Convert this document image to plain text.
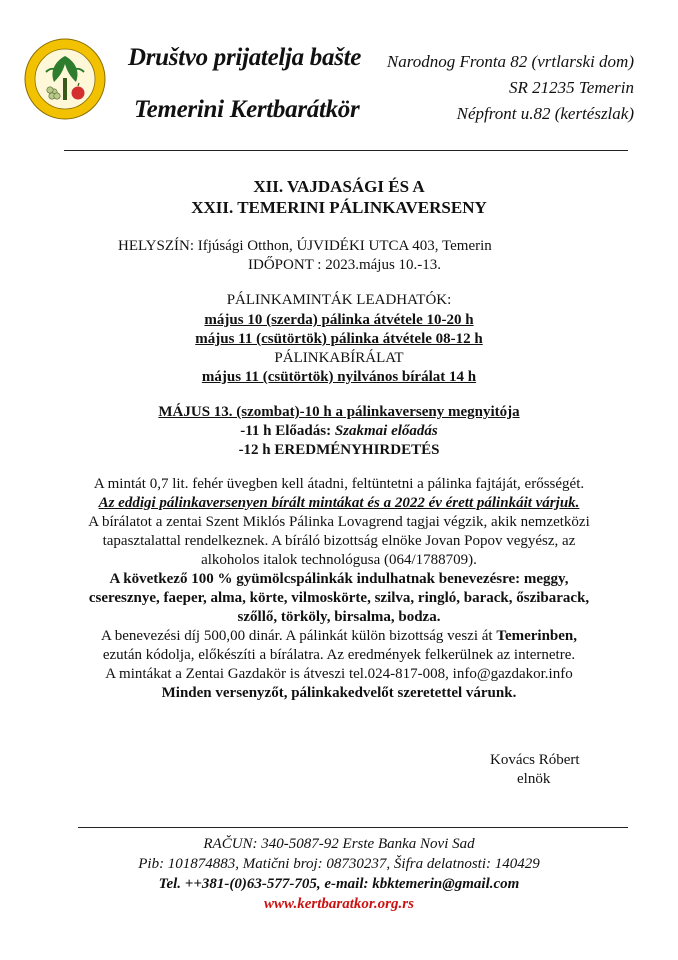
Društvo prijatelja bašte
Temerini Kertbarátkör
Narodnog Fronta 82 (vrtlarski dom)
SR 21235 Temerin
Népfront u.82 (kertészlak)
XII. VAJDASÁGI ÉS A
XXII. TEMERINI PÁLINKAVERSENY
HELYSZÍN: Ifjúsági Otthon, ÚJVIDÉKI UTCA 403, Temerin
IDŐPONT : 2023.május 10.-13.
PÁLINKAMINTÁK LEADHATÓK:
május 10 (szerda) pálinka átvétele 10-20 h
május 11 (csütörtök) pálinka átvétele 08-12 h
PÁLINKABÍRÁLAT
május 11 (csütörtök) nyilvános bírálat 14 h
MÁJUS 13. (szombat)-10 h a pálinkaverseny megnyitója
-11 h Előadás: Szakmai előadás
-12 h EREDMÉNYHIRDETÉS
A mintát 0,7 lit. fehér üvegben kell átadni, feltüntetni a pálinka fajtáját, erősségét.
Az eddigi pálinkaversenyen bírált mintákat és a 2022 év érett pálinkáit várjuk.
A bírálatot a zentai Szent Miklós Pálinka Lovagrend tagjai végzik, akik nemzetközi
tapasztalattal rendelkeznek. A bíráló bizottság elnöke Jovan Popov vegyész, az
alkoholos italok technológusa (064/1788709).
A következő 100 % gyümölcspálinkák indulhatnak benevezésre: meggy,
cseresznye, faeper, alma, körte, vilmoskörte, szilva, ringló, barack, őszibarack,
szőllő, törköly, birsalma, bodza.
A benevezési díj 500,00 dinár. A pálinkát külön bizottság veszi át Temerinben,
ezután kódolja, előkészíti a bírálatra. Az eredmények felkerülnek az internetre.
A mintákat a Zentai Gazdakör is átveszi tel.024-817-008, info@gazdakor.info
Minden versenyzőt, pálinkakedvelőt szeretettel várunk.
Kovács Róbert
elnök
RAČUN: 340-5087-92 Erste Banka Novi Sad
Pib: 101874883, Matični broj: 08730237, Šifra delatnosti: 140429
Tel. ++381-(0)63-577-705, e-mail: kbktemerin@gmail.com
www.kertbaratkor.org.rs
